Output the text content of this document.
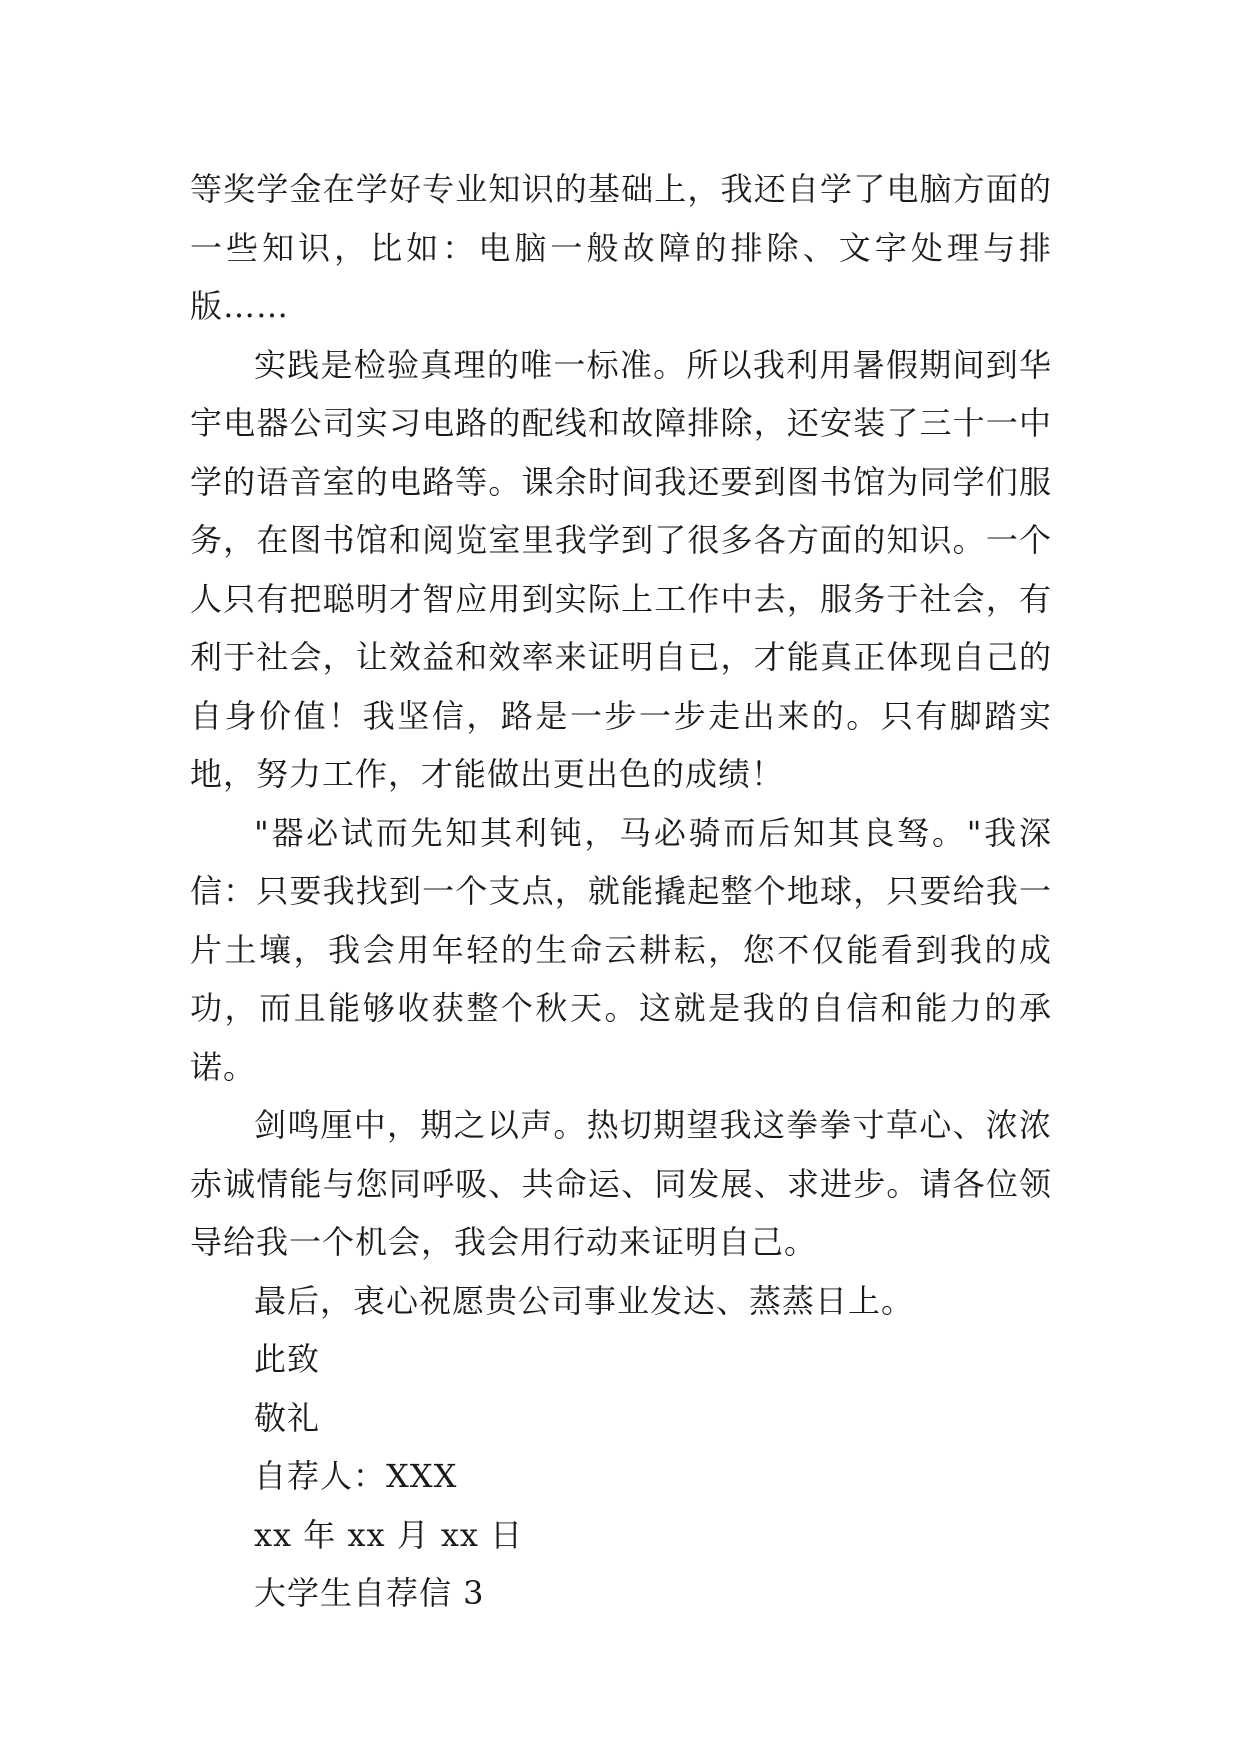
等奖学金在学好专业知识的基础上，我还自学了电脑方面的一些知识，比如：电脑一般故障的排除、文字处理与排版……

实践是检验真理的唯一标准。所以我利用暑假期间到华宇电器公司实习电路的配线和故障排除，还安装了三十一中学的语音室的电路等。课余时间我还要到图书馆为同学们服务，在图书馆和阅览室里我学到了很多各方面的知识。一个人只有把聪明才智应用到实际上工作中去，服务于社会，有利于社会，让效益和效率来证明自已，才能真正体现自己的自身价值！我坚信，路是一步一步走出来的。只有脚踏实地，努力工作，才能做出更出色的成绩！

"器必试而先知其利钝，马必骑而后知其良驽。"我深信：只要我找到一个支点，就能撬起整个地球，只要给我一片土壤，我会用年轻的生命云耕耘，您不仅能看到我的成功，而且能够收获整个秋天。这就是我的自信和能力的承诺。

剑鸣厘中，期之以声。热切期望我这拳拳寸草心、浓浓赤诚情能与您同呼吸、共命运、同发展、求进步。请各位领导给我一个机会，我会用行动来证明自己。

最后，衷心祝愿贵公司事业发达、蒸蒸日上。

此致
敬礼
自荐人：XXX
xx 年 xx 月 xx 日
大学生自荐信 3
